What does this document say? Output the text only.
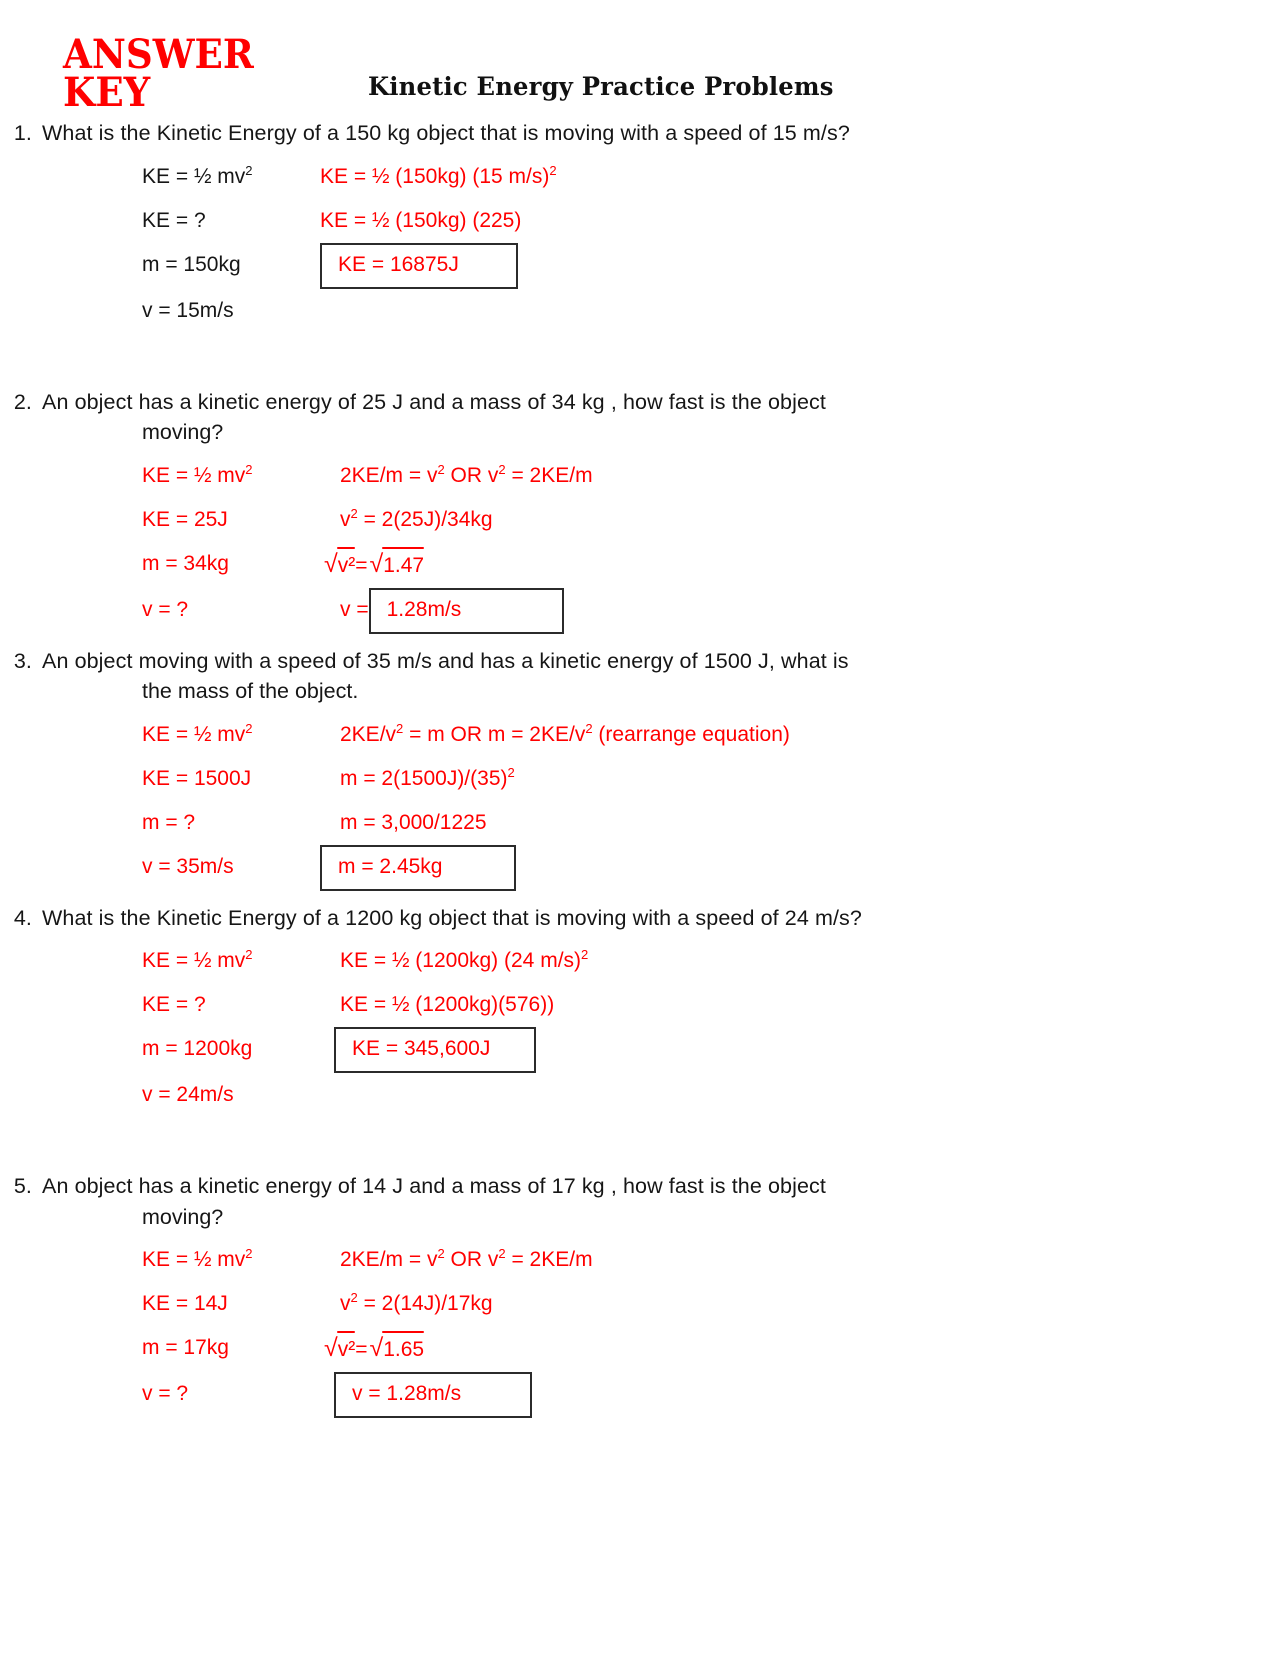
ANSWER
KEY	Kinetic Energy Practice Problems
1. What is the Kinetic Energy of a 150 kg object that is moving with a speed of 15 m/s?
KE = ½ $mv^2$	KE = ½ (150kg) (15 m/s)$^2$
KE = ?	KE = ½ (150kg) (225)
m = 150kg	KE = 16875J
v = 15m/s
2. An object has a kinetic energy of 25 J and a mass of 34 kg , how fast is the object
moving?
KE = ½ $mv^2$	$2KE/m = v^2$ OR $v^2 = 2KE/m$
KE = 25J	$v^2 = 2(25J)/34kg$
m = 34kg	√v²=√1.47
v = ?	v = 1.28m/s
3. An object moving with a speed of 35 m/s and has a kinetic energy of 1500 J, what is
the mass of the object.
KE = ½ $mv^2$	$2KE/v^2 = m$ OR $m = 2KE/v^2$ (rearrange equation)
KE = 1500J	$m = 2(1500J)/(35)^2$
m = ?	m = 3,000/1225
v = 35m/s	m = 2.45kg
4. What is the Kinetic Energy of a 1200 kg object that is moving with a speed of 24 m/s?
KE = ½ $mv^2$	KE = ½ (1200kg) (24 m/s)$^2$
KE = ?	KE = ½ (1200kg)(576))
m = 1200kg	KE = 345,600J
v = 24m/s
5. An object has a kinetic energy of 14 J and a mass of 17 kg , how fast is the object
moving?
KE = ½ $mv^2$	$2KE/m = v^2$ OR $v^2 = 2KE/m$
KE = 14J	$v^2 = 2(14J)/17kg$
m = 17kg	√v²=√1.65
v = ?	v = 1.28m/s
